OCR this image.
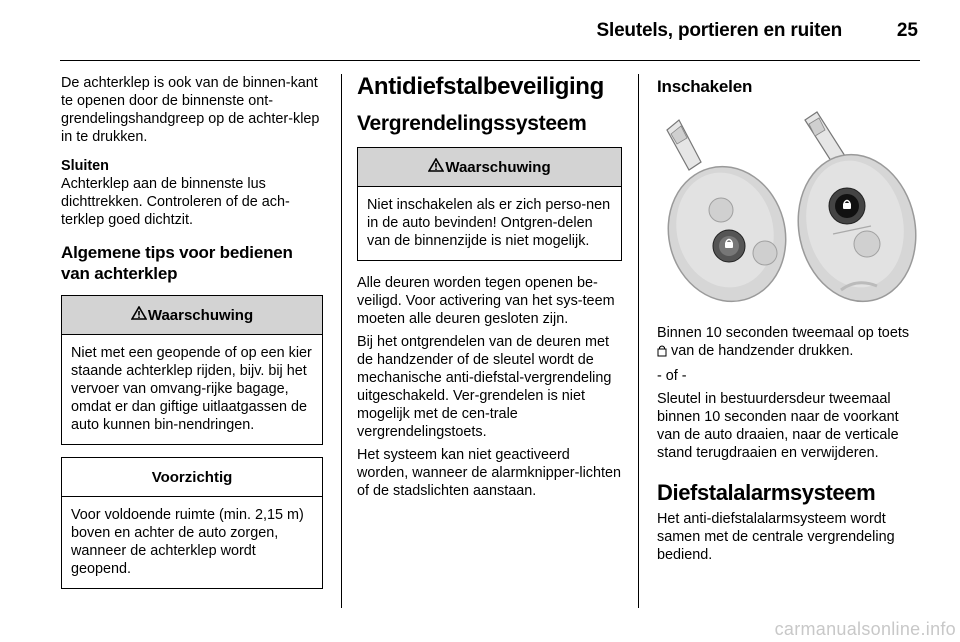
Sleutels, portieren en ruiten	25

De achterklep is ook van de binnen-kant te openen door de binnenste ont-grendelingshandgreep op de achter-klep in te drukken.

Sluiten

Achterklep aan de binnenste lus dichttrekken. Controleren of de ach-terklep goed dichtzit.

Algemene tips voor bedienen van achterklep
Waarschuwing

Niet met een geopende of op een kier staande achterklep rijden, bijv. bij het vervoer van omvang-rijke bagage, omdat er dan giftige uitlaatgassen de auto kunnen bin-nendringen.

Voorzichtig

Voor voldoende ruimte (min. 2,15 m) boven en achter de auto zorgen, wanneer de achterklep wordt geopend.

Antidiefstalbeveiliging
Vergrendelingssysteem
Waarschuwing

Niet inschakelen als er zich perso-nen in de auto bevinden! Ontgren-delen van de binnenzijde is niet mogelijk.

Alle deuren worden tegen openen be-veiligd. Voor activering van het sys-teem moeten alle deuren gesloten zijn.

Bij het ontgrendelen van de deuren met de handzender of de sleutel wordt de mechanische anti-diefstal-vergrendeling uitgeschakeld. Ver-grendelen is niet mogelijk met de cen-trale vergrendelingstoets.

Het systeem kan niet geactiveerd worden, wanneer de alarmknipper-lichten of de stadslichten aanstaan.

Inschakelen

Binnen 10 seconden tweemaal op toets  van de handzender drukken.

- of -

Sleutel in bestuurdersdeur tweemaal binnen 10 seconden naar de voorkant van de auto draaien, naar de verticale stand terugdraaien en verwijderen.

Diefstalalarmsysteem

Het anti-diefstalalarmsysteem wordt samen met de centrale vergrendeling bediend.

carmanualsonline.info
